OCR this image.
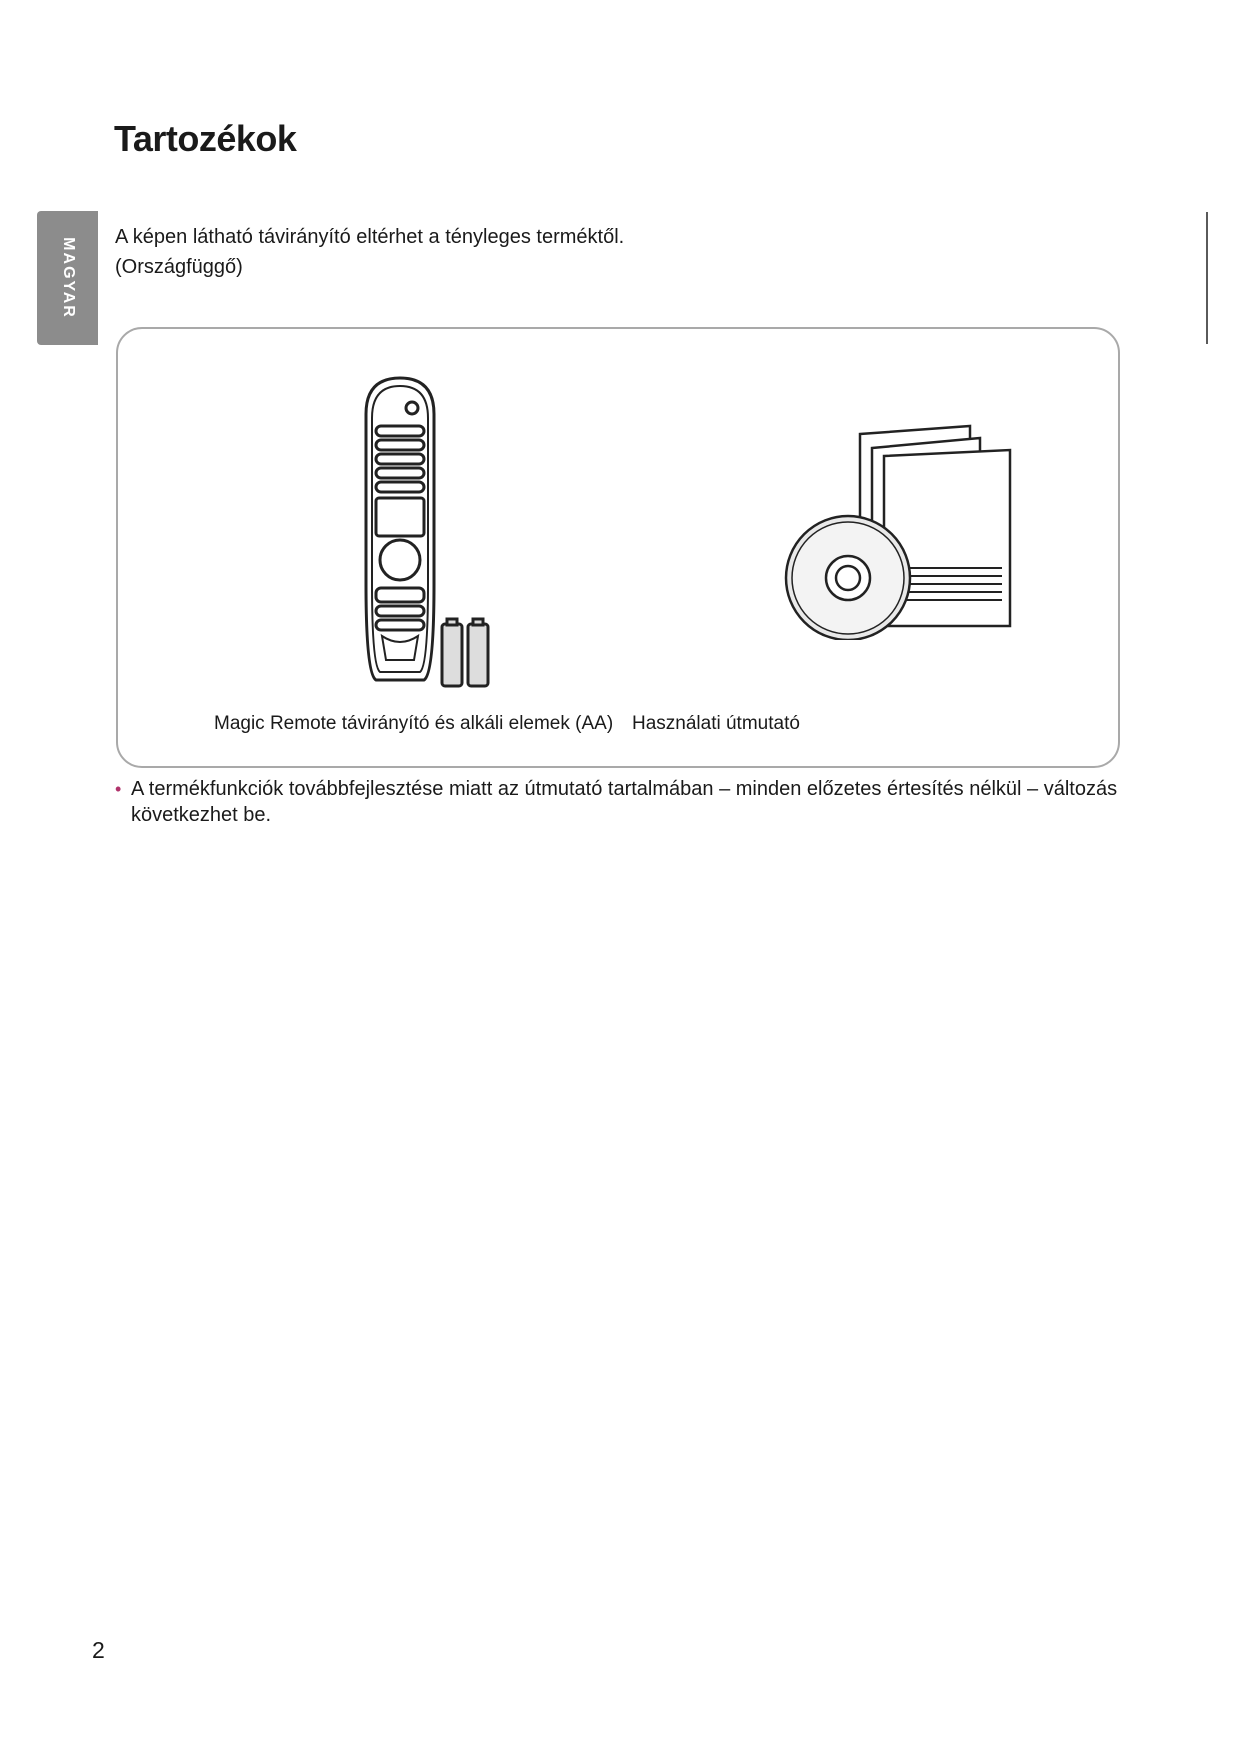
Tartozékok
MAGYAR
A képen látható távirányító eltérhet a tényleges terméktől.
(Országfüggő)
Magic Remote távirányító és alkáli elemek (AA) Használati útmutató
• A termékfunkciók továbbfejlesztése miatt az útmutató tartalmában – minden előzetes értesítés nélkül – változás következhet be.
2
